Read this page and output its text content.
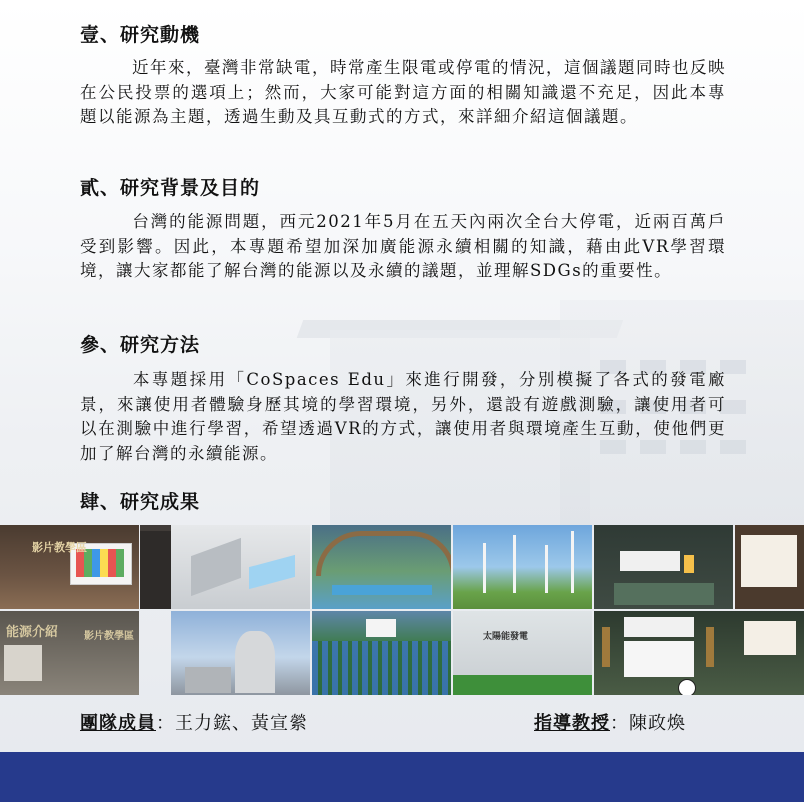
壹、研究動機
近年來，臺灣非常缺電，時常產生限電或停電的情況，這個議題同時也反映在公民投票的選項上；然而，大家可能對這方面的相關知識還不充足，因此本專題以能源為主題，透過生動及具互動式的方式，來詳細介紹這個議題。
貳、研究背景及目的
台灣的能源問題，西元2021年5月在五天內兩次全台大停電，近兩百萬戶受到影響。因此，本專題希望加深加廣能源永續相關的知識，藉由此VR學習環境，讓大家都能了解台灣的能源以及永續的議題，並理解SDGs的重要性。
參、研究方法
本專題採用「CoSpaces Edu」來進行開發，分別模擬了各式的發電廠景，來讓使用者體驗身歷其境的學習環境，另外，還設有遊戲測驗，讓使用者可以在測驗中進行學習，希望透過VR的方式，讓使用者與環境產生互動，使他們更加了解台灣的永續能源。
肆、研究成果
影片教學區
能源介紹	影片教學區	太陽能發電
團隊成員：王力鋐、黃宣縈	指導教授：陳政煥
